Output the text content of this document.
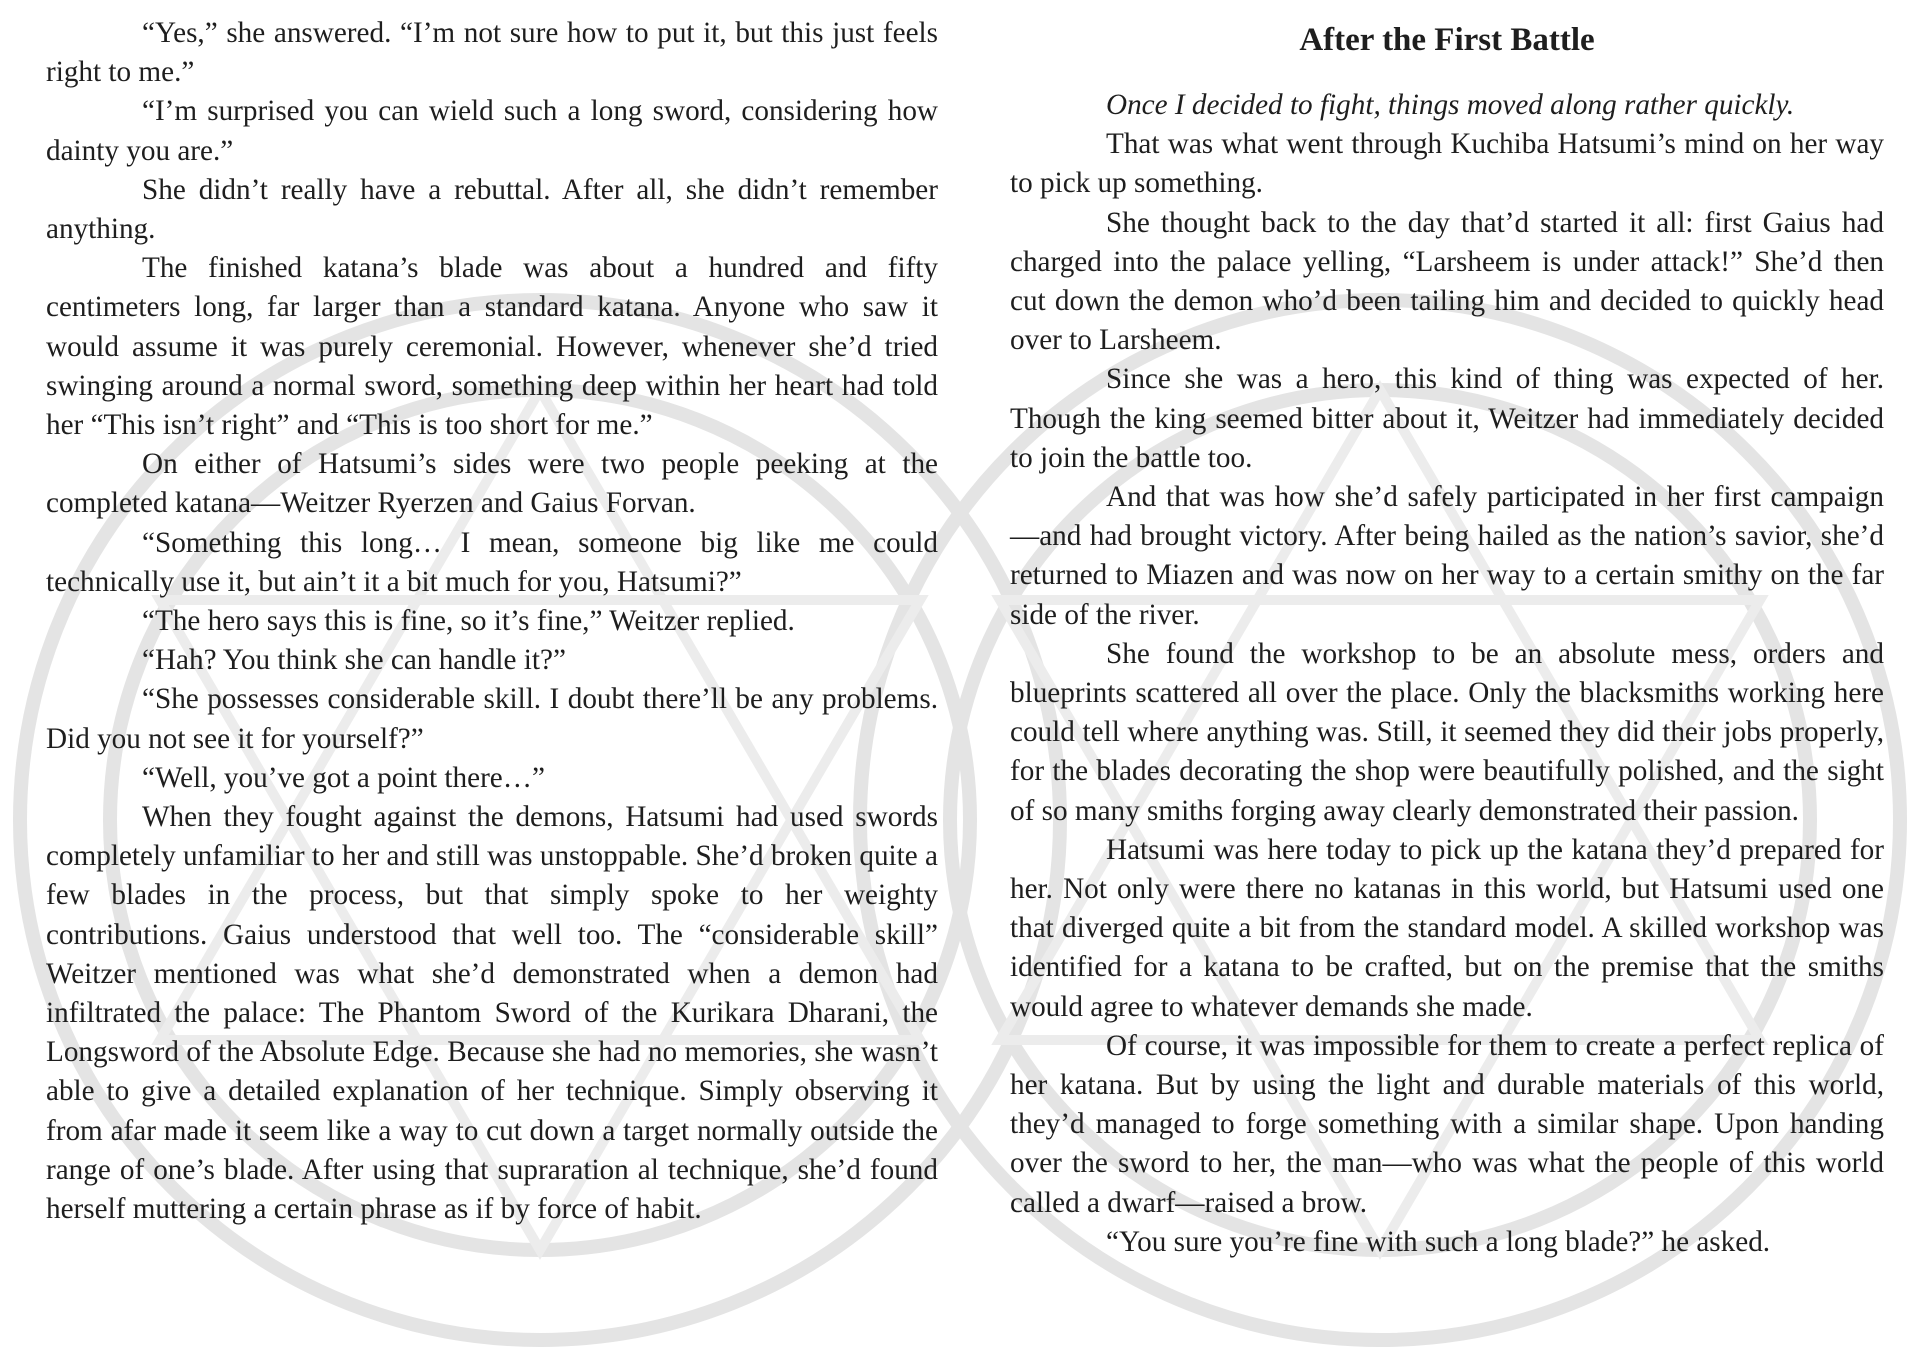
“Yes,” she answered. “I’m not sure how to put it, but this just feels right to me.”

“I’m surprised you can wield such a long sword, considering how dainty you are.”

She didn’t really have a rebuttal. After all, she didn’t remember anything.

The finished katana’s blade was about a hundred and fifty centimeters long, far larger than a standard katana. Anyone who saw it would assume it was purely ceremonial. However, whenever she’d tried swinging around a normal sword, something deep within her heart had told her “This isn’t right” and “This is too short for me.”

On either of Hatsumi’s sides were two people peeking at the completed katana—Weitzer Ryerzen and Gaius Forvan.

“Something this long… I mean, someone big like me could technically use it, but ain’t it a bit much for you, Hatsumi?”

“The hero says this is fine, so it’s fine,” Weitzer replied.

“Hah? You think she can handle it?”

“She possesses considerable skill. I doubt there’ll be any problems. Did you not see it for yourself?”

“Well, you’ve got a point there…”

When they fought against the demons, Hatsumi had used swords completely unfamiliar to her and still was unstoppable. She’d broken quite a few blades in the process, but that simply spoke to her weighty contributions. Gaius understood that well too. The “considerable skill” Weitzer mentioned was what she’d demonstrated when a demon had infiltrated the palace: The Phantom Sword of the Kurikara Dharani, the Longsword of the Absolute Edge. Because she had no memories, she wasn’t able to give a detailed explanation of her technique. Simply observing it from afar made it seem like a way to cut down a target normally outside the range of one’s blade. After using that supraration al technique, she’d found herself muttering a certain phrase as if by force of habit.

After the First Battle

Once I decided to fight, things moved along rather quickly.

That was what went through Kuchiba Hatsumi’s mind on her way to pick up something.

She thought back to the day that’d started it all: first Gaius had charged into the palace yelling, “Larsheem is under attack!” She’d then cut down the demon who’d been tailing him and decided to quickly head over to Larsheem.

Since she was a hero, this kind of thing was expected of her. Though the king seemed bitter about it, Weitzer had immediately decided to join the battle too.

And that was how she’d safely participated in her first campaign—and had brought victory. After being hailed as the nation’s savior, she’d returned to Miazen and was now on her way to a certain smithy on the far side of the river.

She found the workshop to be an absolute mess, orders and blueprints scattered all over the place. Only the blacksmiths working here could tell where anything was. Still, it seemed they did their jobs properly, for the blades decorating the shop were beautifully polished, and the sight of so many smiths forging away clearly demonstrated their passion.

Hatsumi was here today to pick up the katana they’d prepared for her. Not only were there no katanas in this world, but Hatsumi used one that diverged quite a bit from the standard model. A skilled workshop was identified for a katana to be crafted, but on the premise that the smiths would agree to whatever demands she made.

Of course, it was impossible for them to create a perfect replica of her katana. But by using the light and durable materials of this world, they’d managed to forge something with a similar shape. Upon handing over the sword to her, the man—who was what the people of this world called a dwarf—raised a brow.

“You sure you’re fine with such a long blade?” he asked.
